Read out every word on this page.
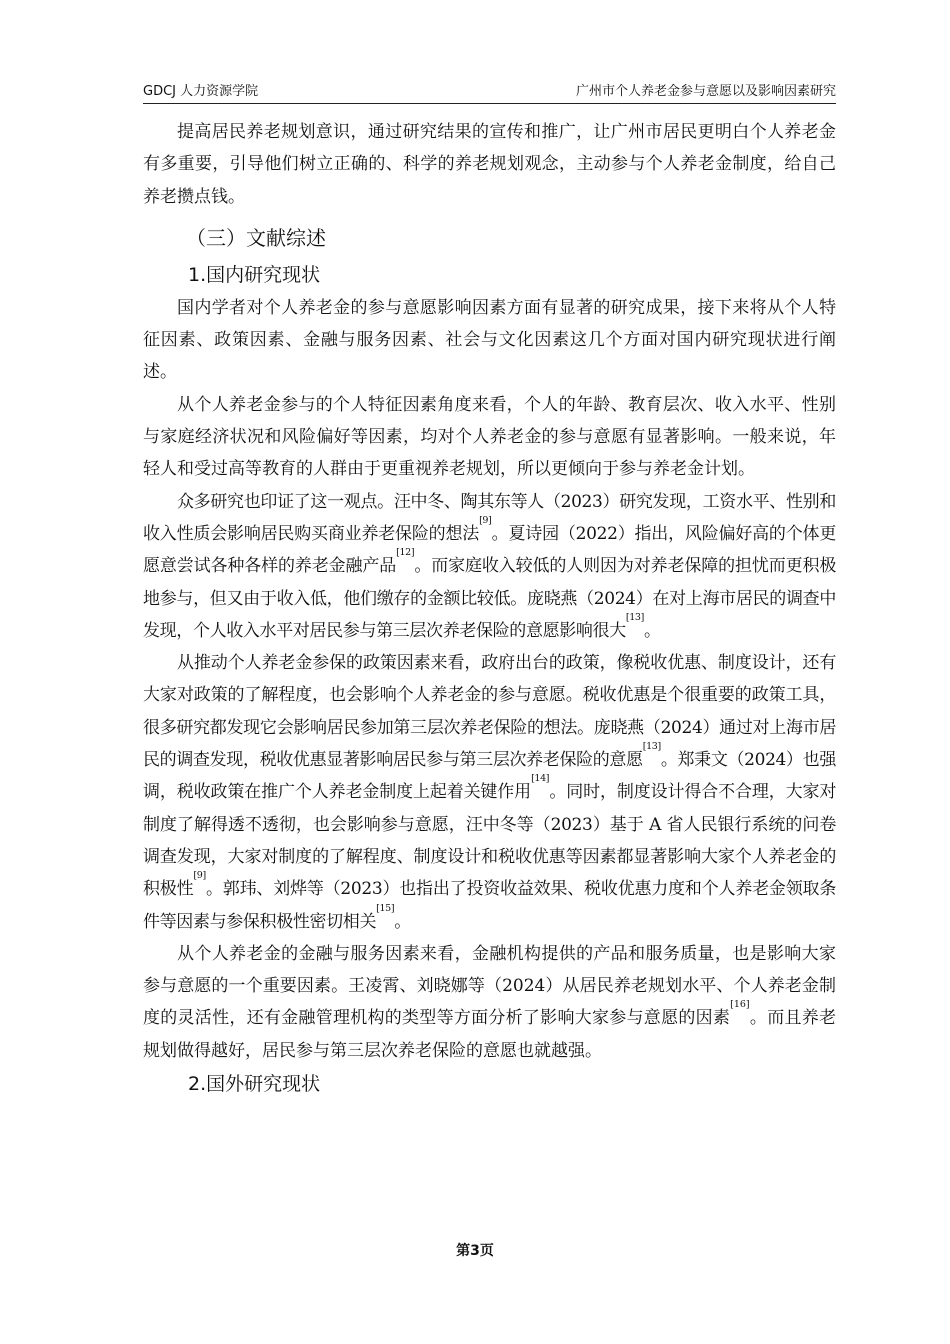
GDCJ 人力资源学院	广州市个人养老金参与意愿以及影响因素研究

提高居民养老规划意识，通过研究结果的宣传和推广，让广州市居民更明白个人养老金有多重要，引导他们树立正确的、科学的养老规划观念，主动参与个人养老金制度，给自己养老攒点钱。

（三）文献综述
1.国内研究现状

国内学者对个人养老金的参与意愿影响因素方面有显著的研究成果，接下来将从个人特征因素、政策因素、金融与服务因素、社会与文化因素这几个方面对国内研究现状进行阐述。

从个人养老金参与的个人特征因素角度来看，个人的年龄、教育层次、收入水平、性别与家庭经济状况和风险偏好等因素，均对个人养老金的参与意愿有显著影响。一般来说，年轻人和受过高等教育的人群由于更重视养老规划，所以更倾向于参与养老金计划。

众多研究也印证了这一观点。汪中冬、陶其东等人（2023）研究发现，工资水平、性别和收入性质会影响居民购买商业养老保险的想法[9]。夏诗园（2022）指出，风险偏好高的个体更愿意尝试各种各样的养老金融产品[12]。而家庭收入较低的人则因为对养老保障的担忧而更积极地参与，但又由于收入低，他们缴存的金额比较低。庞晓燕（2024）在对上海市居民的调查中发现，个人收入水平对居民参与第三层次养老保险的意愿影响很大[13]。

从推动个人养老金参保的政策因素来看，政府出台的政策，像税收优惠、制度设计，还有大家对政策的了解程度，也会影响个人养老金的参与意愿。税收优惠是个很重要的政策工具，很多研究都发现它会影响居民参加第三层次养老保险的想法。庞晓燕（2024）通过对上海市居民的调查发现，税收优惠显著影响居民参与第三层次养老保险的意愿[13]。郑秉文（2024）也强调，税收政策在推广个人养老金制度上起着关键作用[14]。同时，制度设计得合不合理，大家对制度了解得透不透彻，也会影响参与意愿，汪中冬等（2023）基于 A 省人民银行系统的问卷调查发现，大家对制度的了解程度、制度设计和税收优惠等因素都显著影响大家个人养老金的积极性[9]。郭玮、刘烨等（2023）也指出了投资收益效果、税收优惠力度和个人养老金领取条件等因素与参保积极性密切相关[15]。

从个人养老金的金融与服务因素来看，金融机构提供的产品和服务质量，也是影响大家参与意愿的一个重要因素。王凌霄、刘晓娜等（2024）从居民养老规划水平、个人养老金制度的灵活性，还有金融管理机构的类型等方面分析了影响大家参与意愿的因素[16]。而且养老规划做得越好，居民参与第三层次养老保险的意愿也就越强。

2.国外研究现状
第3页
